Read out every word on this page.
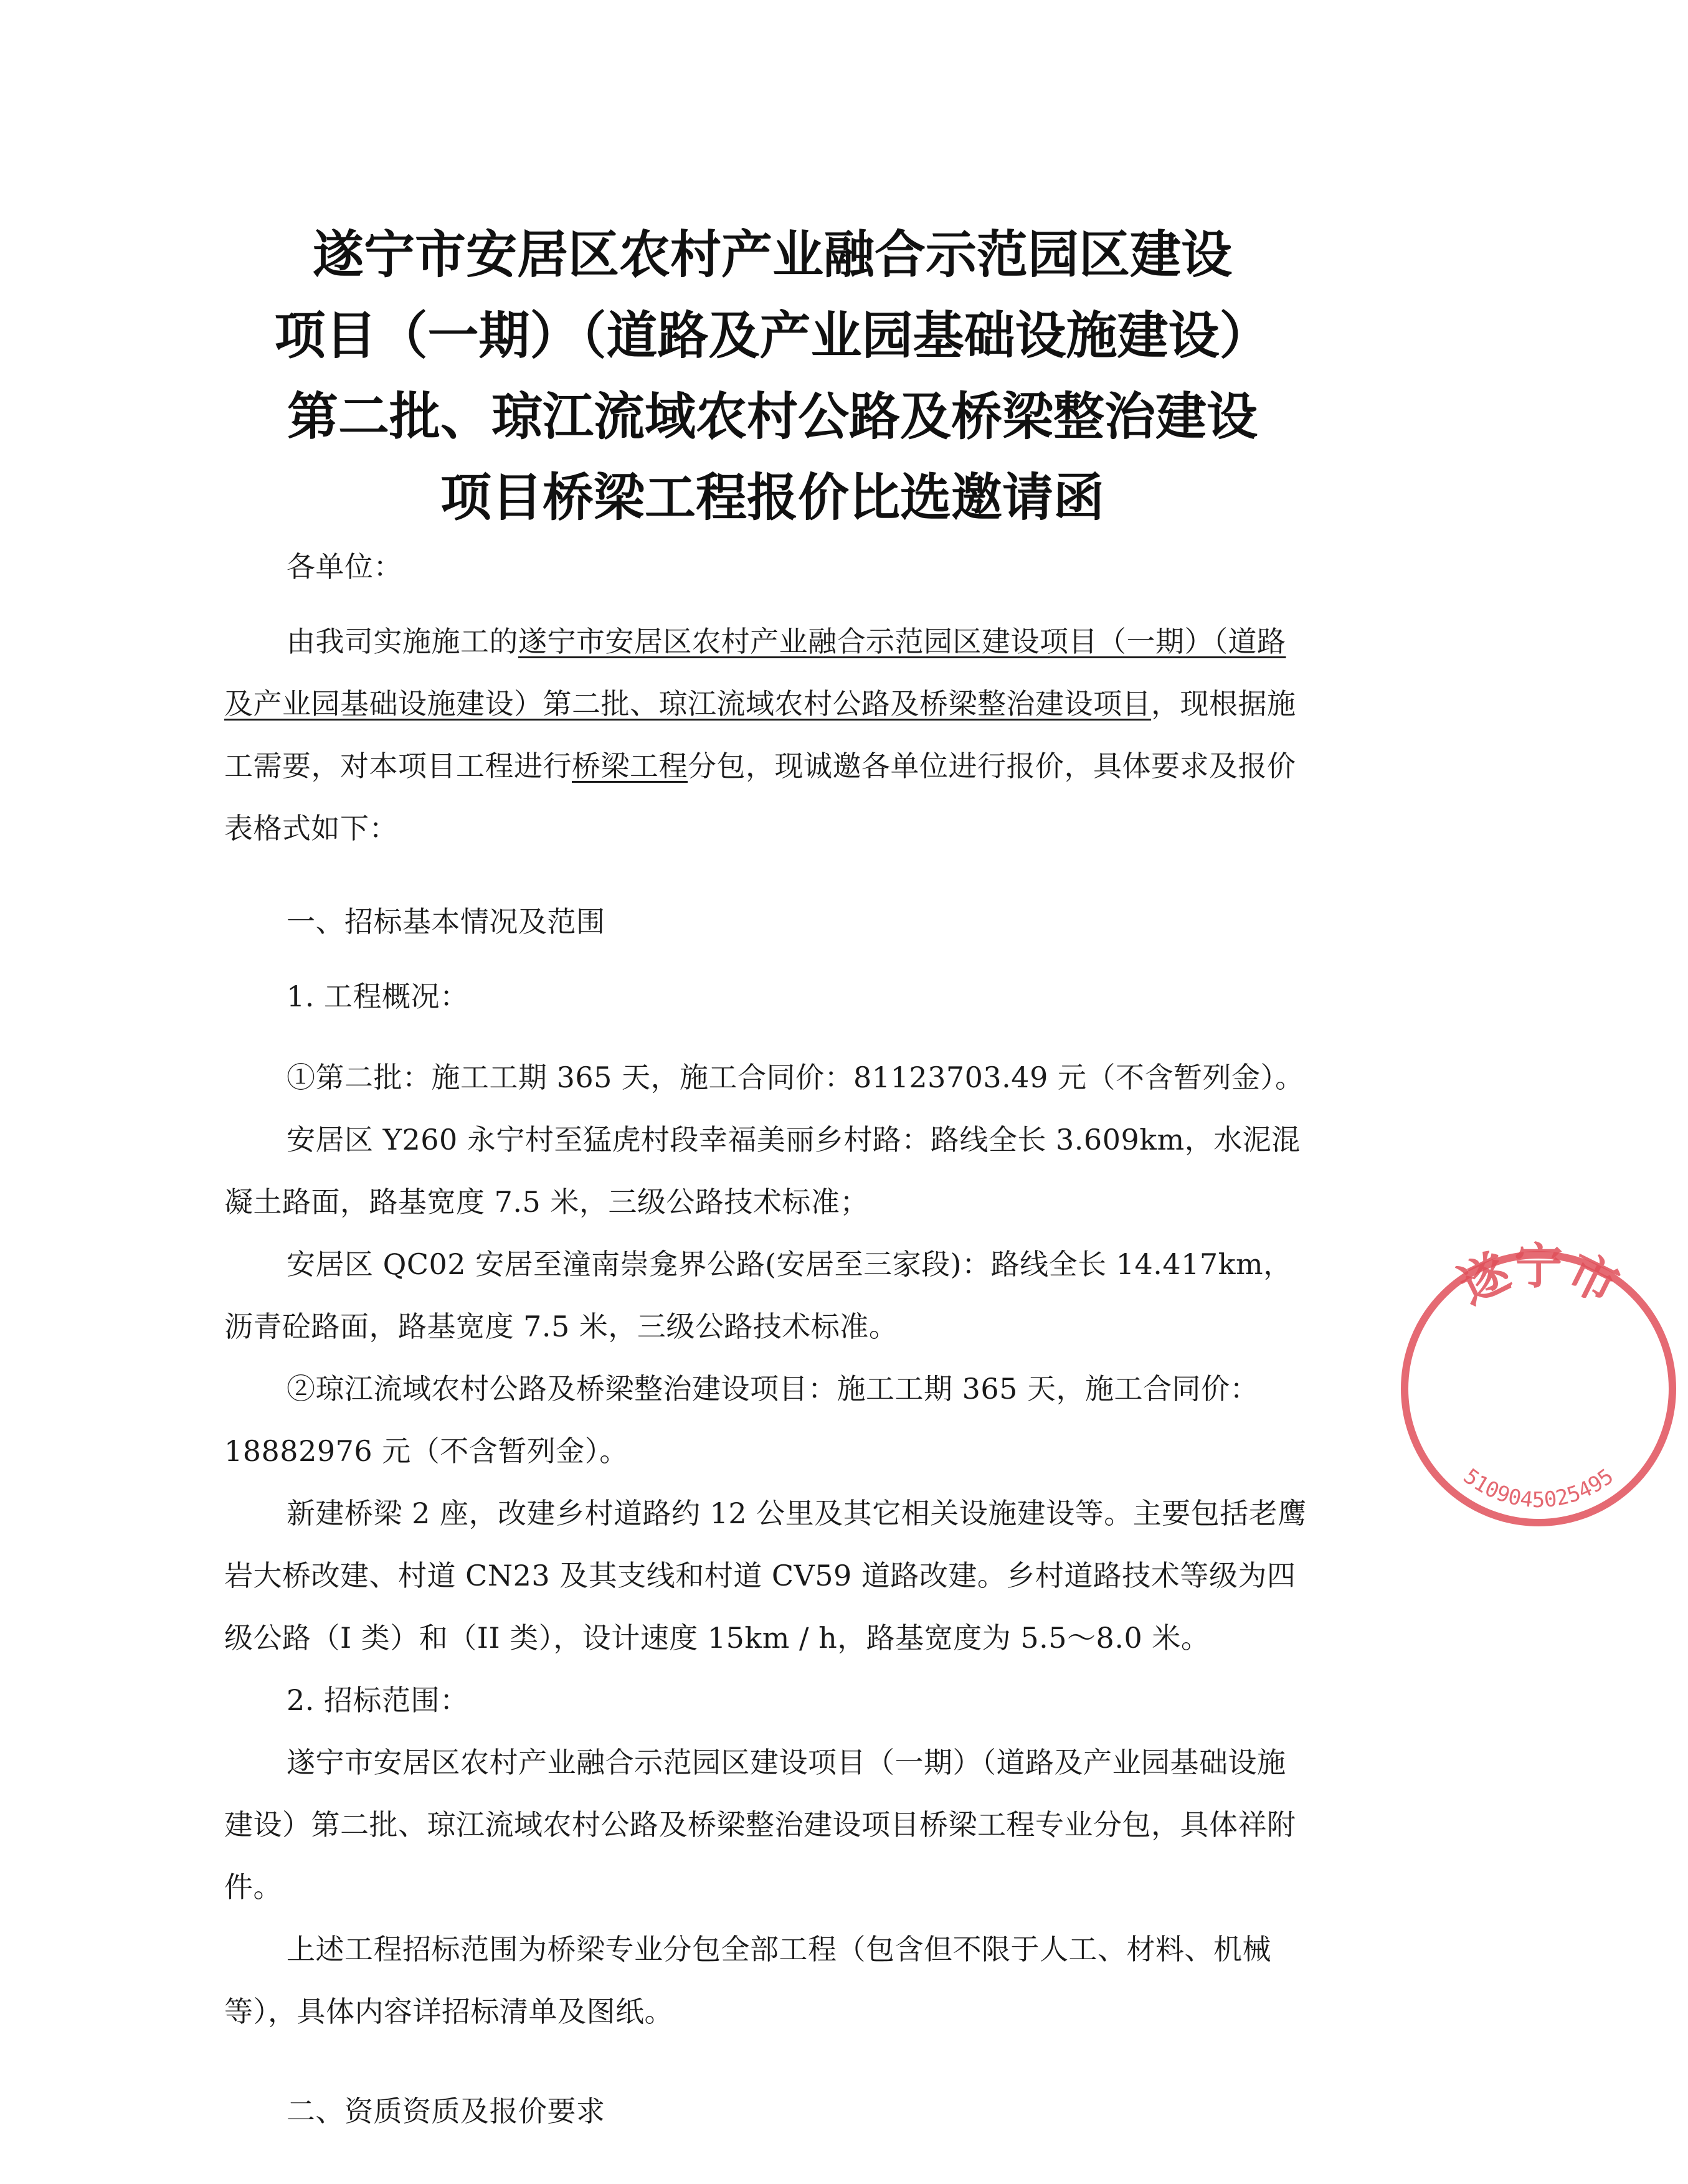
遂宁市安居区农村产业融合示范园区建设
项目（一期）（道路及产业园基础设施建设）
第二批、琼江流域农村公路及桥梁整治建设
项目桥梁工程报价比选邀请函
各单位：
由我司实施施工的遂宁市安居区农村产业融合示范园区建设项目（一期）（道路及产业园基础设施建设）第二批、琼江流域农村公路及桥梁整治建设项目，现根据施工需要，对本项目工程进行桥梁工程分包，现诚邀各单位进行报价，具体要求及报价表格式如下：
一、招标基本情况及范围
1. 工程概况：
①第二批：施工工期 365 天，施工合同价：81123703.49 元（不含暂列金）。
安居区 Y260 永宁村至猛虎村段幸福美丽乡村路：路线全长 3.609km，水泥混凝土路面，路基宽度 7.5 米，三级公路技术标准；
安居区 QC02 安居至潼南崇龛界公路(安居至三家段)：路线全长 14.417km，沥青砼路面，路基宽度 7.5 米，三级公路技术标准。
②琼江流域农村公路及桥梁整治建设项目：施工工期 365 天，施工合同价：18882976 元（不含暂列金）。
新建桥梁 2 座，改建乡村道路约 12 公里及其它相关设施建设等。主要包括老鹰岩大桥改建、村道 CN23 及其支线和村道 CV59 道路改建。乡村道路技术等级为四级公路（I 类）和（II 类），设计速度 15km / h，路基宽度为 5.5～8.0 米。
2. 招标范围：
遂宁市安居区农村产业融合示范园区建设项目（一期）（道路及产业园基础设施建设）第二批、琼江流域农村公路及桥梁整治建设项目桥梁工程专业分包，具体祥附件。
上述工程招标范围为桥梁专业分包全部工程（包含但不限于人工、材料、机械等），具体内容详招标清单及图纸。
二、资质资质及报价要求
遂宁市
5109045025495
